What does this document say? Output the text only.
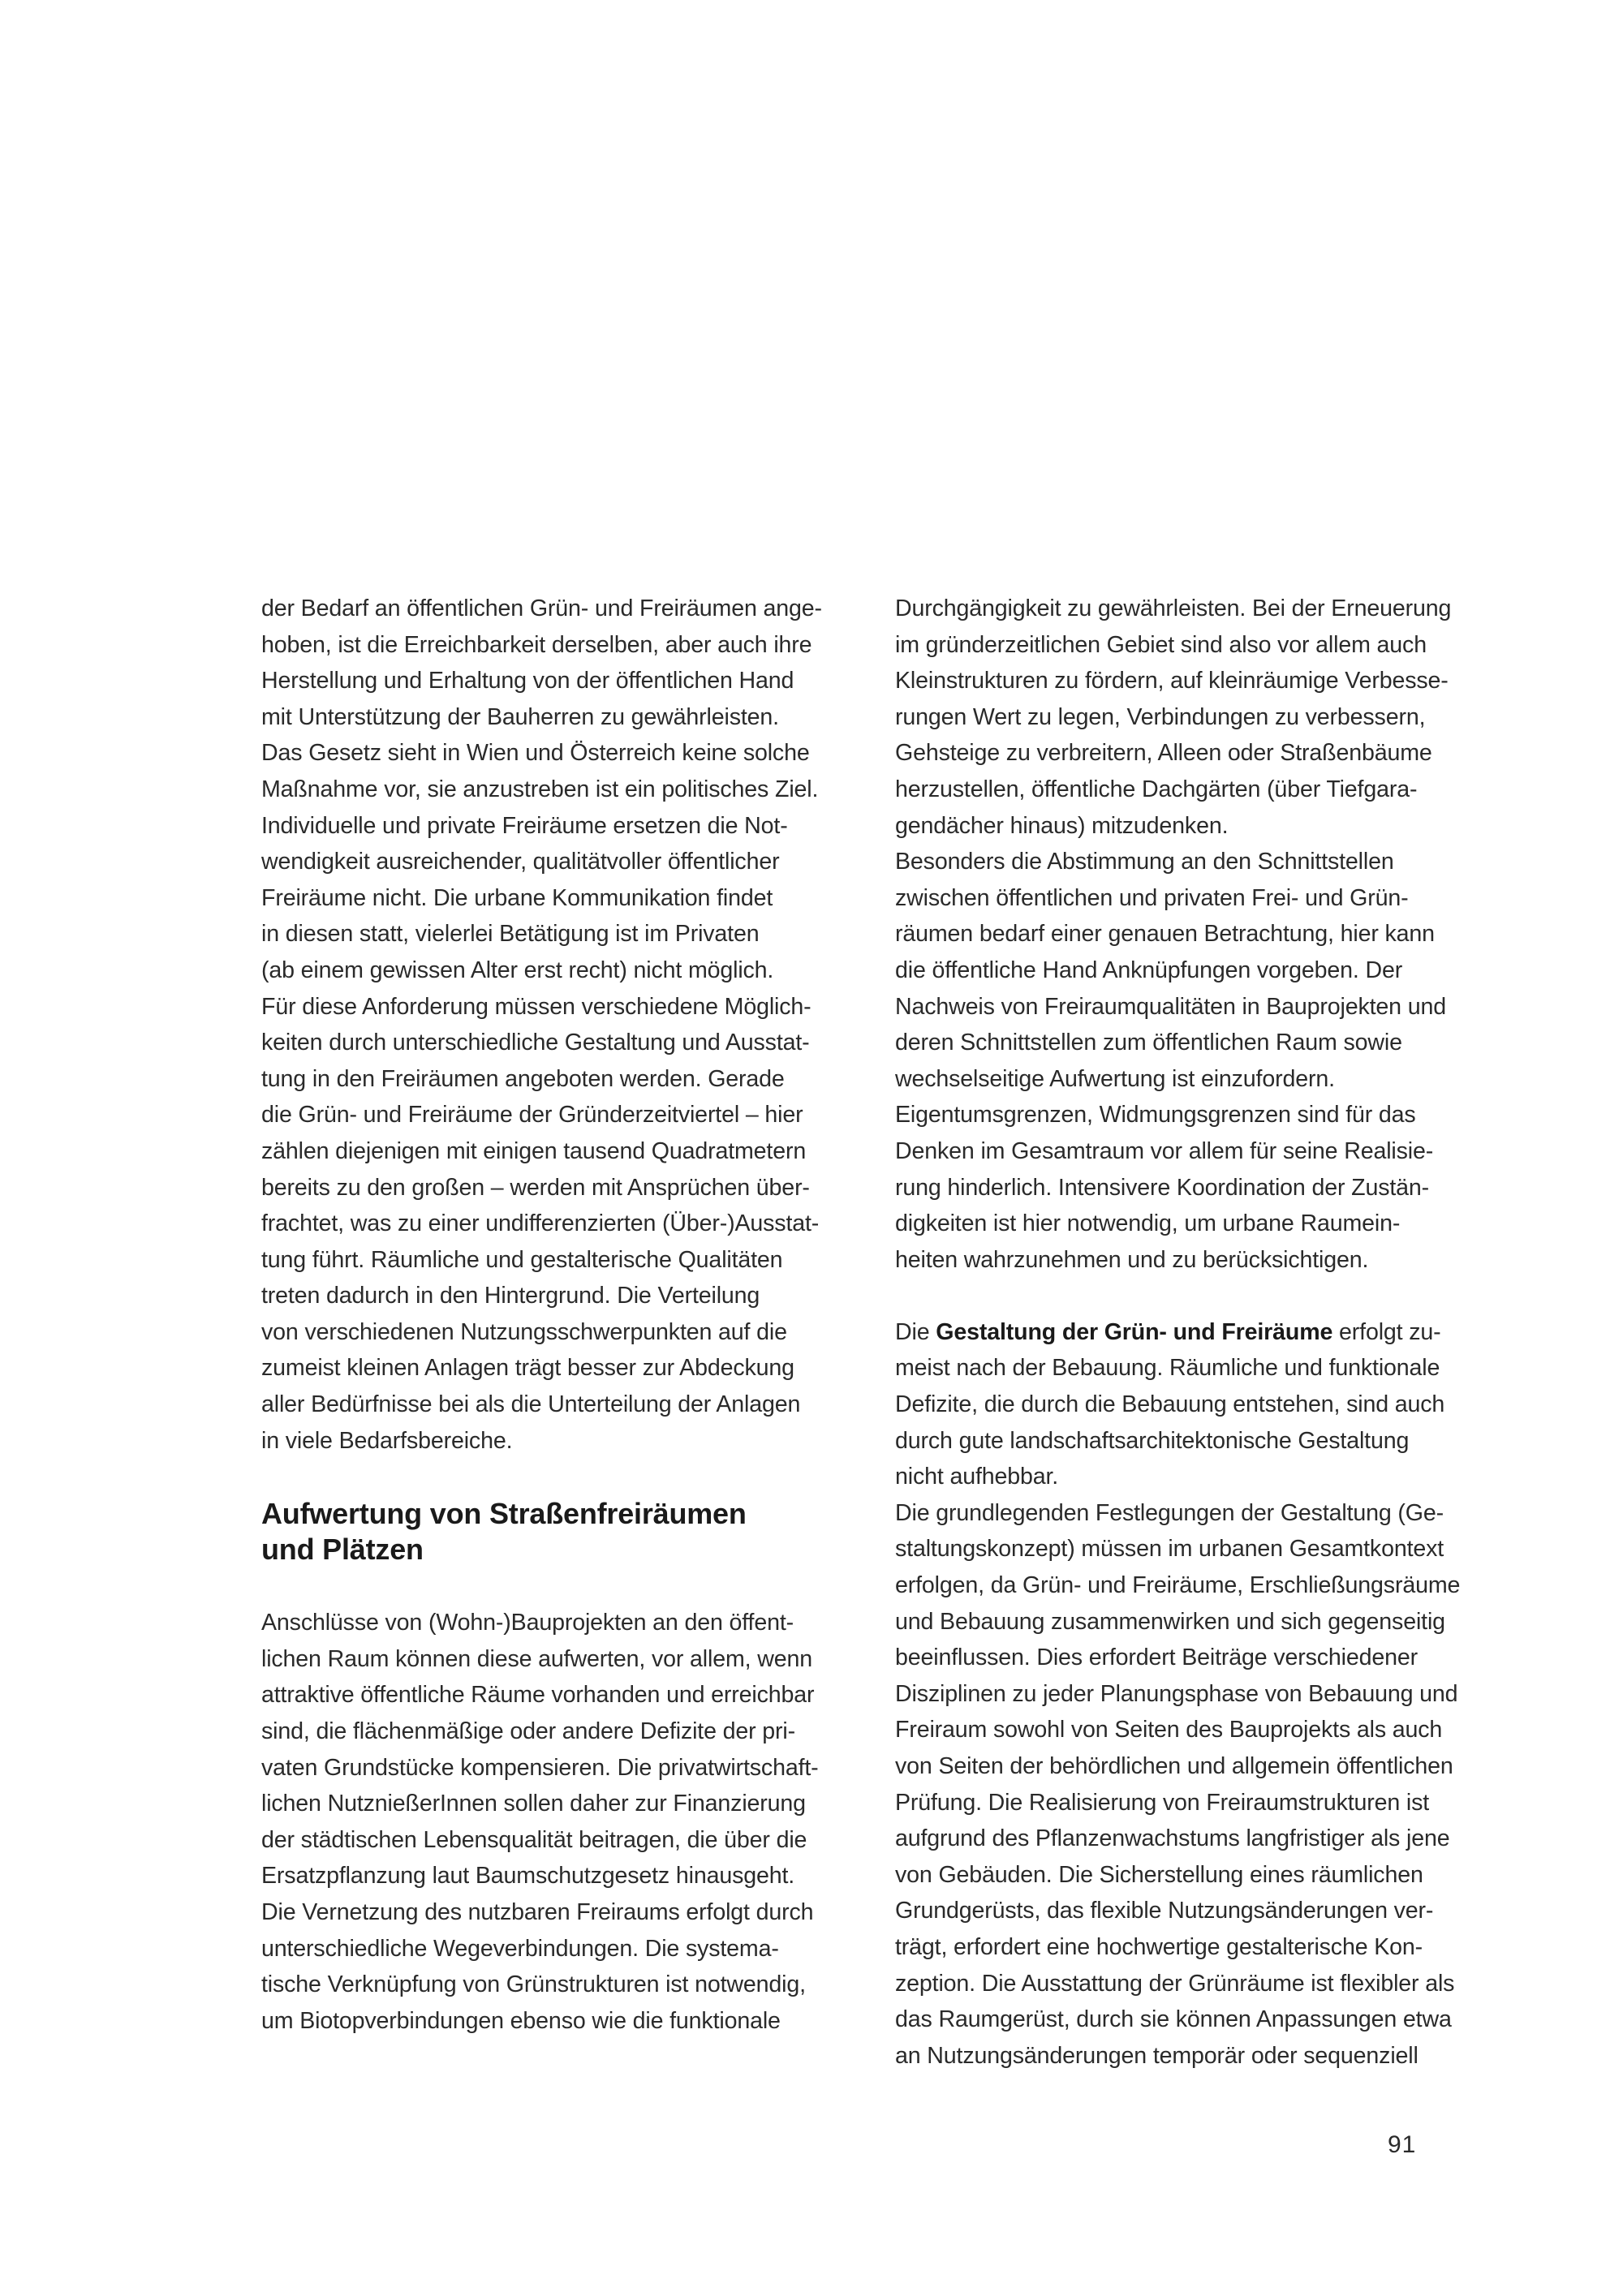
der Bedarf an öffentlichen Grün- und Freiräumen ange-
hoben, ist die Erreichbarkeit derselben, aber auch ihre
Herstellung und Erhaltung von der öffentlichen Hand
mit Unterstützung der Bauherren zu gewährleisten.
Das Gesetz sieht in Wien und Österreich keine solche
Maßnahme vor, sie anzustreben ist ein politisches Ziel.
Individuelle und private Freiräume ersetzen die Not-
wendigkeit ausreichender, qualitätvoller öffentlicher
Freiräume nicht. Die urbane Kommunikation findet
in diesen statt, vielerlei Betätigung ist im Privaten
(ab einem gewissen Alter erst recht) nicht möglich.
Für diese Anforderung müssen verschiedene Möglich-
keiten durch unterschiedliche Gestaltung und Ausstat-
tung in den Freiräumen angeboten werden. Gerade
die Grün- und Freiräume der Gründerzeitviertel – hier
zählen diejenigen mit einigen tausend Quadratmetern
bereits zu den großen – werden mit Ansprüchen über-
frachtet, was zu einer undifferenzierten (Über-)Ausstat-
tung führt. Räumliche und gestalterische Qualitäten
treten dadurch in den Hintergrund. Die Verteilung
von verschiedenen Nutzungsschwerpunkten auf die
zumeist kleinen Anlagen trägt besser zur Abdeckung
aller Bedürfnisse bei als die Unterteilung der Anlagen
in viele Bedarfsbereiche.
Aufwertung von Straßenfreiräumen
und Plätzen
Anschlüsse von (Wohn-)Bauprojekten an den öffent-
lichen Raum können diese aufwerten, vor allem, wenn
attraktive öffentliche Räume vorhanden und erreichbar
sind, die flächenmäßige oder andere Defizite der pri-
vaten Grundstücke kompensieren. Die privatwirtschaft-
lichen NutznießerInnen sollen daher zur Finanzierung
der städtischen Lebensqualität beitragen, die über die
Ersatzpflanzung laut Baumschutzgesetz hinausgeht.
Die Vernetzung des nutzbaren Freiraums erfolgt durch
unterschiedliche Wegeverbindungen. Die systema-
tische Verknüpfung von Grünstrukturen ist notwendig,
um Biotopverbindungen ebenso wie die funktionale
Durchgängigkeit zu gewährleisten. Bei der Erneuerung
im gründerzeitlichen Gebiet sind also vor allem auch
Kleinstrukturen zu fördern, auf kleinräumige Verbesse-
rungen Wert zu legen, Verbindungen zu verbessern,
Gehsteige zu verbreitern, Alleen oder Straßenbäume
herzustellen, öffentliche Dachgärten (über Tiefgara-
gendächer hinaus) mitzudenken.
Besonders die Abstimmung an den Schnittstellen
zwischen öffentlichen und privaten Frei- und Grün-
räumen bedarf einer genauen Betrachtung, hier kann
die öffentliche Hand Anknüpfungen vorgeben. Der
Nachweis von Freiraumqualitäten in Bauprojekten und
deren Schnittstellen zum öffentlichen Raum sowie
wechselseitige Aufwertung ist einzufordern.
Eigentumsgrenzen, Widmungsgrenzen sind für das
Denken im Gesamtraum vor allem für seine Realisie-
rung hinderlich. Intensivere Koordination der Zustän-
digkeiten ist hier notwendig, um urbane Raumein-
heiten wahrzunehmen und zu berücksichtigen.
Die Gestaltung der Grün- und Freiräume erfolgt zu-
meist nach der Bebauung. Räumliche und funktionale
Defizite, die durch die Bebauung entstehen, sind auch
durch gute landschaftsarchitektonische Gestaltung
nicht aufhebbar.
Die grundlegenden Festlegungen der Gestaltung (Ge-
staltungskonzept) müssen im urbanen Gesamtkontext
erfolgen, da Grün- und Freiräume, Erschließungsräume
und Bebauung zusammenwirken und sich gegenseitig
beeinflussen. Dies erfordert Beiträge verschiedener
Disziplinen zu jeder Planungsphase von Bebauung und
Freiraum sowohl von Seiten des Bauprojekts als auch
von Seiten der behördlichen und allgemein öffentlichen
Prüfung. Die Realisierung von Freiraumstrukturen ist
aufgrund des Pflanzenwachstums langfristiger als jene
von Gebäuden. Die Sicherstellung eines räumlichen
Grundgerüsts, das flexible Nutzungsänderungen ver-
trägt, erfordert eine hochwertige gestalterische Kon-
zeption. Die Ausstattung der Grünräume ist flexibler als
das Raumgerüst, durch sie können Anpassungen etwa
an Nutzungsänderungen temporär oder sequenziell
91
